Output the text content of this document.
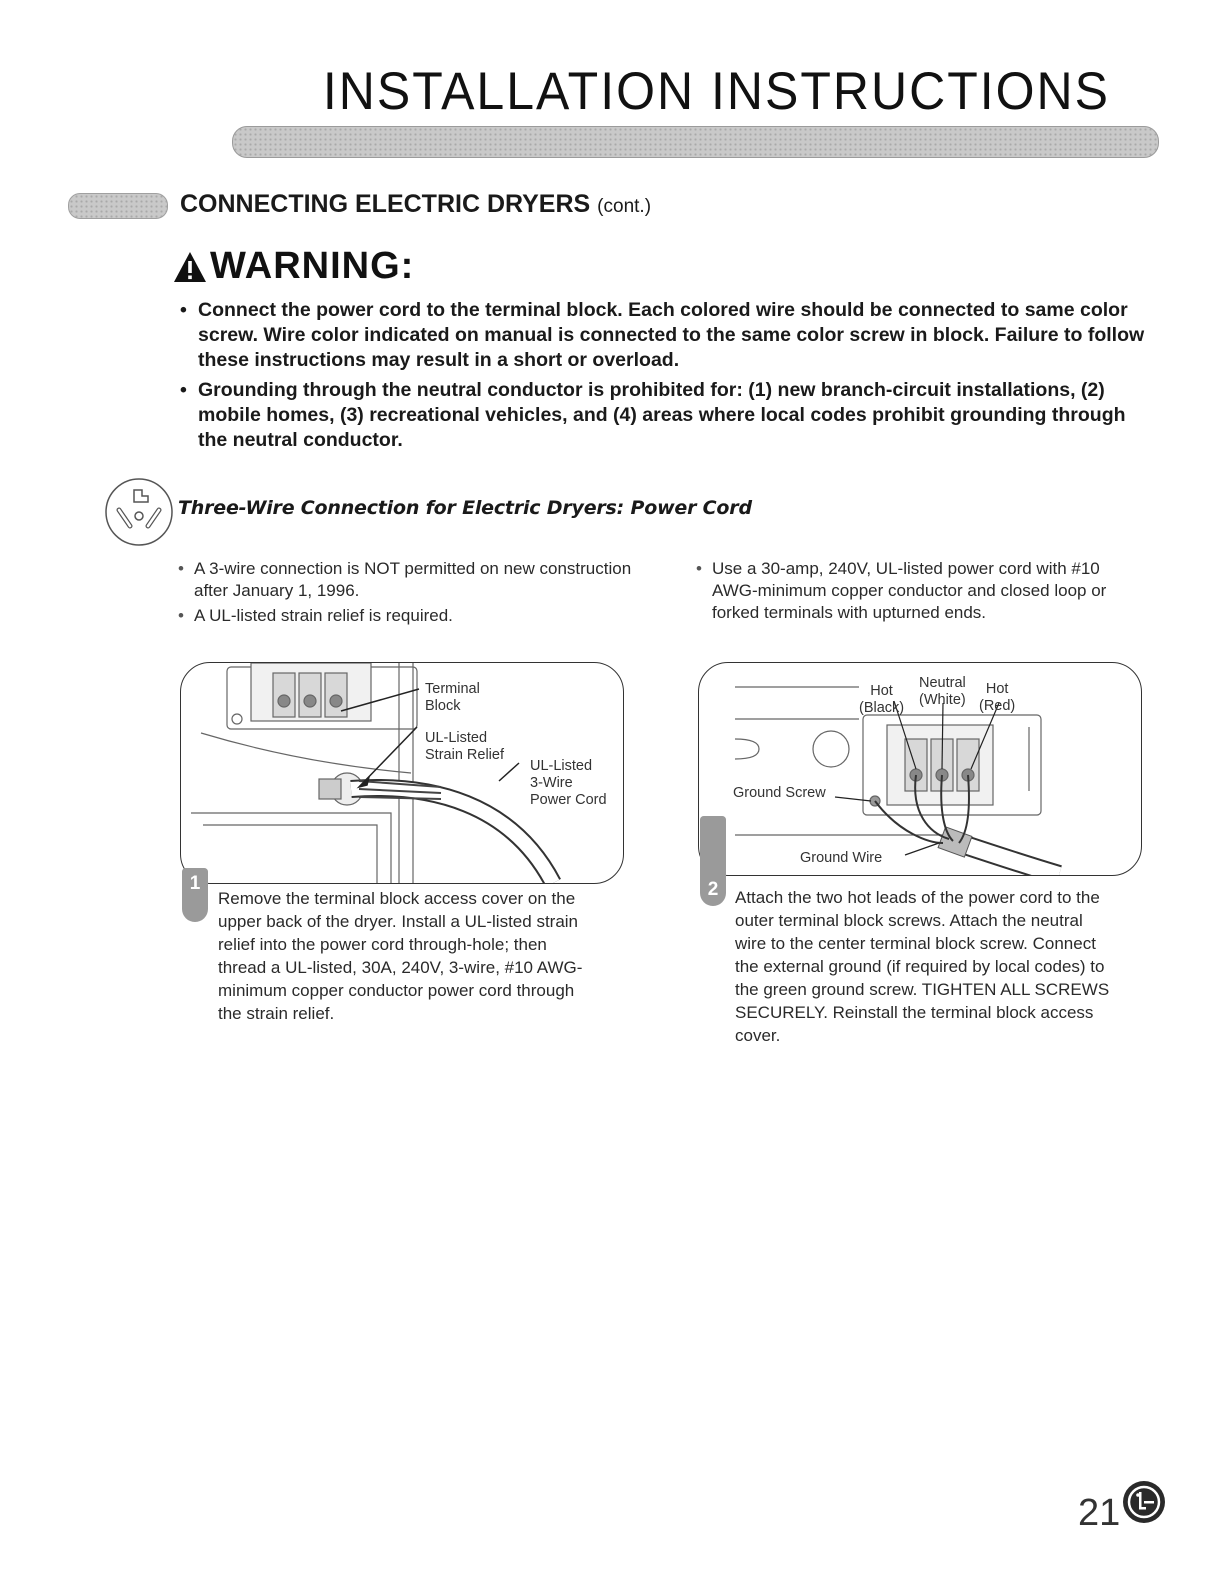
INSTALLATION INSTRUCTIONS
CONNECTING ELECTRIC DRYERS (cont.)
WARNING:
• Connect the power cord to the terminal block. Each colored wire should be connected to same color screw. Wire color indicated on manual is connected to the same color screw in block. Failure to follow these instructions may result in a short or overload.
• Grounding through the neutral conductor is prohibited for: (1) new branch-circuit installations, (2) mobile homes, (3) recreational vehicles, and (4) areas where local codes prohibit grounding through the neutral conductor.
Three-Wire Connection for Electric Dryers: Power Cord
• A 3-wire connection is NOT permitted on new construction after January 1, 1996.
• A UL-listed strain relief is required.
• Use a 30-amp, 240V, UL-listed power cord with #10 AWG-minimum copper conductor and closed loop or forked terminals with upturned ends.
Terminal
Block
UL-Listed
Strain Relief
UL-Listed
3-Wire
Power Cord
Hot
(Black)
Neutral
(White)
Hot
(Red)
Ground Screw
Ground Wire
1
Remove the terminal block access cover on the upper back of the dryer. Install a UL-listed strain relief into the power cord through-hole; then thread a UL-listed, 30A, 240V, 3-wire, #10 AWG-minimum copper conductor power cord through the strain relief.
2 Attach the two hot leads of the power cord to the outer terminal block screws. Attach the neutral wire to the center terminal block screw. Connect the external ground (if required by local codes) to the green ground screw. TIGHTEN ALL SCREWS SECURELY. Reinstall the terminal block access cover.
21
